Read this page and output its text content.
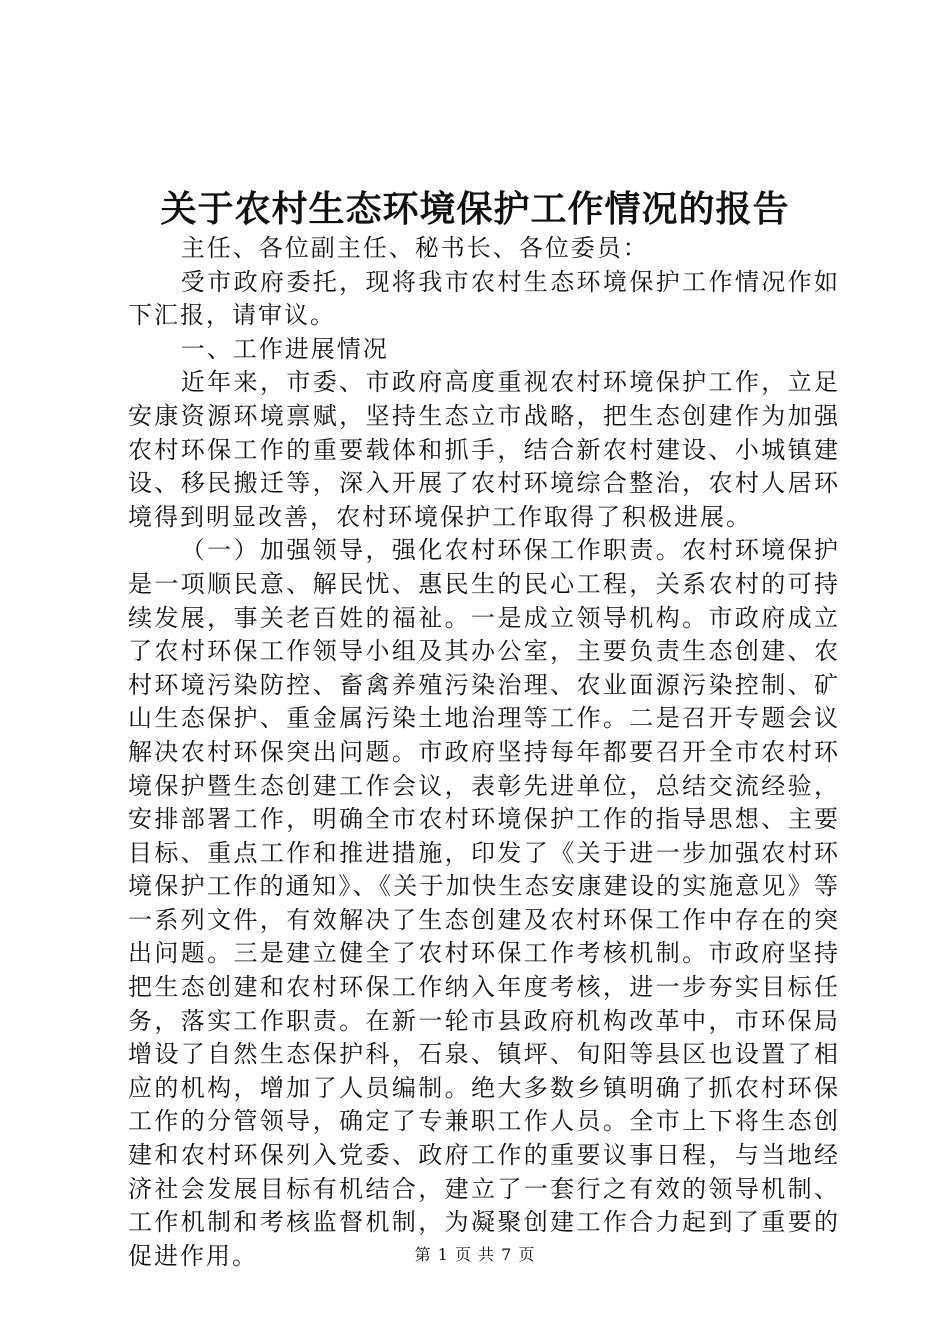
关于农村生态环境保护工作情况的报告

主任、各位副主任、秘书长、各位委员：

受市政府委托，现将我市农村生态环境保护工作情况作如下汇报，请审议。

一、工作进展情况

近年来，市委、市政府高度重视农村环境保护工作，立足安康资源环境禀赋，坚持生态立市战略，把生态创建作为加强农村环保工作的重要载体和抓手，结合新农村建设、小城镇建设、移民搬迁等，深入开展了农村环境综合整治，农村人居环境得到明显改善，农村环境保护工作取得了积极进展。

（一）加强领导，强化农村环保工作职责。农村环境保护是一项顺民意、解民忧、惠民生的民心工程，关系农村的可持续发展，事关老百姓的福祉。一是成立领导机构。市政府成立了农村环保工作领导小组及其办公室，主要负责生态创建、农村环境污染防控、畜禽养殖污染治理、农业面源污染控制、矿山生态保护、重金属污染土地治理等工作。二是召开专题会议解决农村环保突出问题。市政府坚持每年都要召开全市农村环境保护暨生态创建工作会议，表彰先进单位，总结交流经验，安排部署工作，明确全市农村环境保护工作的指导思想、主要目标、重点工作和推进措施，印发了《关于进一步加强农村环境保护工作的通知》、《关于加快生态安康建设的实施意见》等一系列文件，有效解决了生态创建及农村环保工作中存在的突出问题。三是建立健全了农村环保工作考核机制。市政府坚持把生态创建和农村环保工作纳入年度考核，进一步夯实目标任务，落实工作职责。在新一轮市县政府机构改革中，市环保局增设了自然生态保护科，石泉、镇坪、旬阳等县区也设置了相应的机构，增加了人员编制。绝大多数乡镇明确了抓农村环保工作的分管领导，确定了专兼职工作人员。全市上下将生态创建和农村环保列入党委、政府工作的重要议事日程，与当地经济社会发展目标有机结合，建立了一套行之有效的领导机制、工作机制和考核监督机制，为凝聚创建工作合力起到了重要的促进作用。	第 1 页 共 7 页
